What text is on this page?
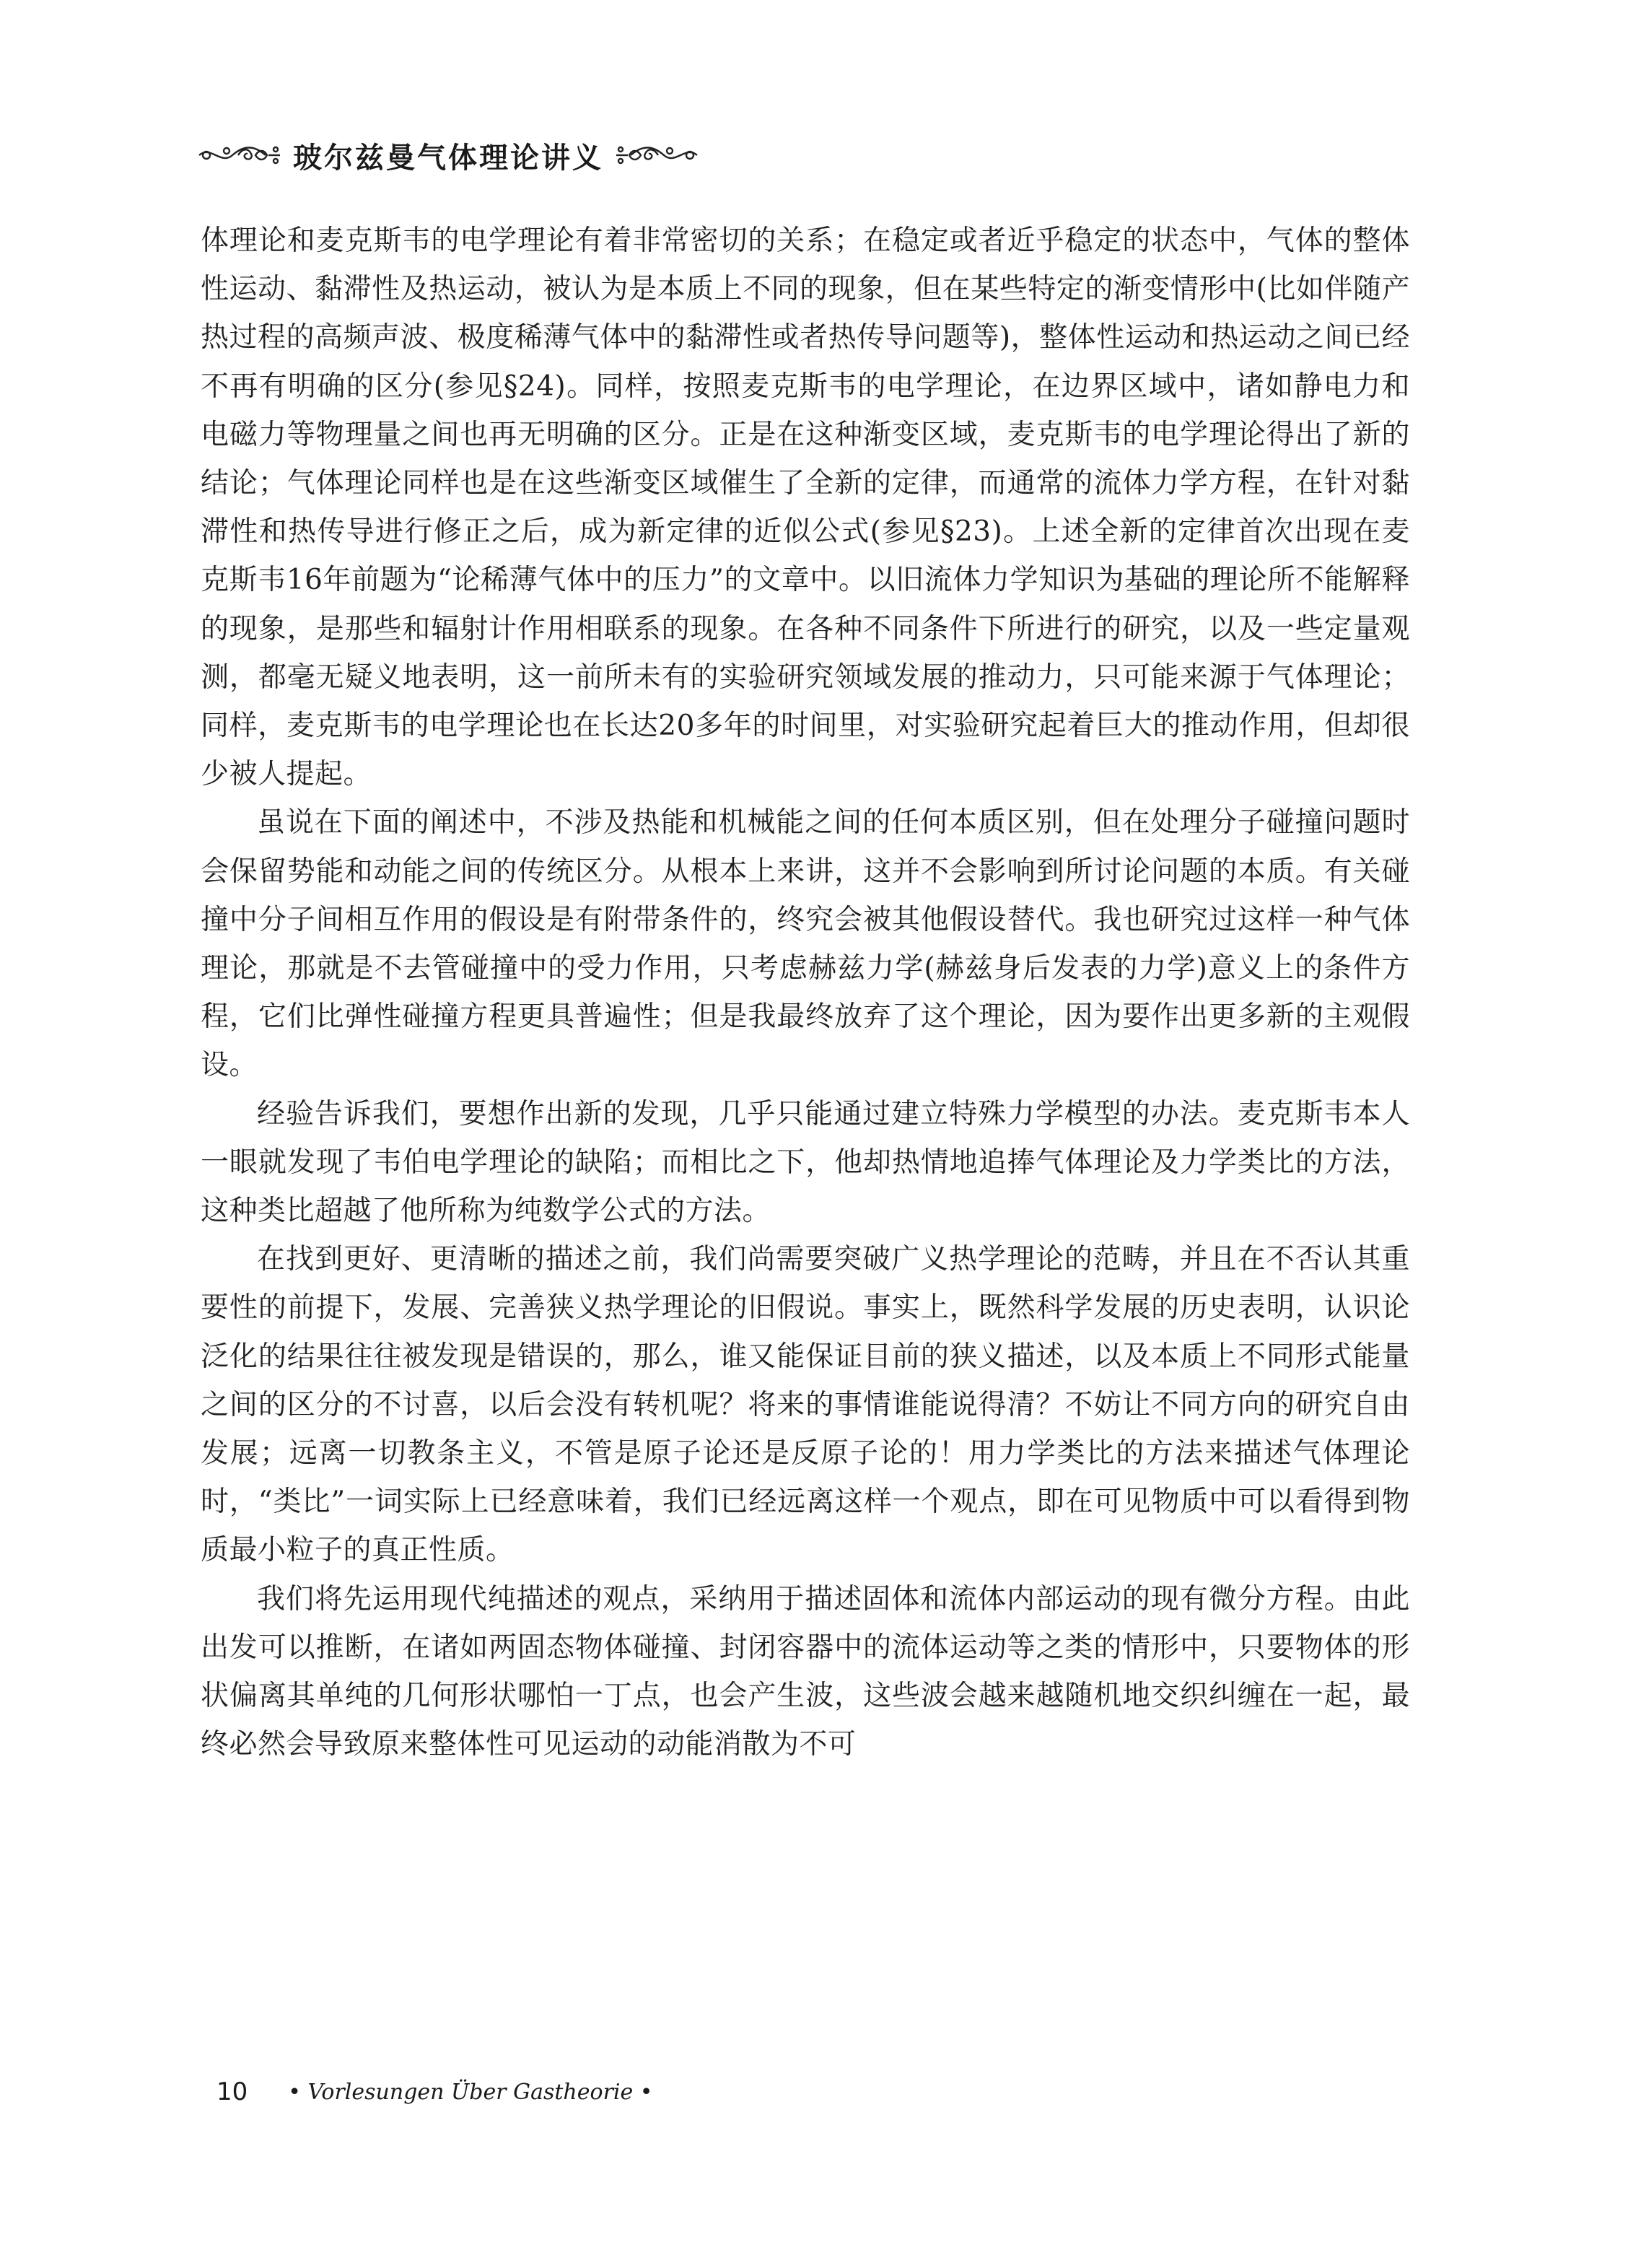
玻尔兹曼气体理论讲义

体理论和麦克斯韦的电学理论有着非常密切的关系；在稳定或者近乎稳定的状态中，气体的整体性运动、黏滞性及热运动，被认为是本质上不同的现象，但在某些特定的渐变情形中(比如伴随产热过程的高频声波、极度稀薄气体中的黏滞性或者热传导问题等)，整体性运动和热运动之间已经不再有明确的区分(参见§24)。同样，按照麦克斯韦的电学理论，在边界区域中，诸如静电力和电磁力等物理量之间也再无明确的区分。正是在这种渐变区域，麦克斯韦的电学理论得出了新的结论；气体理论同样也是在这些渐变区域催生了全新的定律，而通常的流体力学方程，在针对黏滞性和热传导进行修正之后，成为新定律的近似公式(参见§23)。上述全新的定律首次出现在麦克斯韦16年前题为“论稀薄气体中的压力”的文章中。以旧流体力学知识为基础的理论所不能解释的现象，是那些和辐射计作用相联系的现象。在各种不同条件下所进行的研究，以及一些定量观测，都毫无疑义地表明，这一前所未有的实验研究领域发展的推动力，只可能来源于气体理论；同样，麦克斯韦的电学理论也在长达20多年的时间里，对实验研究起着巨大的推动作用，但却很少被人提起。

虽说在下面的阐述中，不涉及热能和机械能之间的任何本质区别，但在处理分子碰撞问题时会保留势能和动能之间的传统区分。从根本上来讲，这并不会影响到所讨论问题的本质。有关碰撞中分子间相互作用的假设是有附带条件的，终究会被其他假设替代。我也研究过这样一种气体理论，那就是不去管碰撞中的受力作用，只考虑赫兹力学(赫兹身后发表的力学)意义上的条件方程，它们比弹性碰撞方程更具普遍性；但是我最终放弃了这个理论，因为要作出更多新的主观假设。

经验告诉我们，要想作出新的发现，几乎只能通过建立特殊力学模型的办法。麦克斯韦本人一眼就发现了韦伯电学理论的缺陷；而相比之下，他却热情地追捧气体理论及力学类比的方法，这种类比超越了他所称为纯数学公式的方法。

在找到更好、更清晰的描述之前，我们尚需要突破广义热学理论的范畴，并且在不否认其重要性的前提下，发展、完善狭义热学理论的旧假说。事实上，既然科学发展的历史表明，认识论泛化的结果往往被发现是错误的，那么，谁又能保证目前的狭义描述，以及本质上不同形式能量之间的区分的不讨喜，以后会没有转机呢？将来的事情谁能说得清？不妨让不同方向的研究自由发展；远离一切教条主义，不管是原子论还是反原子论的！用力学类比的方法来描述气体理论时，“类比”一词实际上已经意味着，我们已经远离这样一个观点，即在可见物质中可以看得到物质最小粒子的真正性质。

我们将先运用现代纯描述的观点，采纳用于描述固体和流体内部运动的现有微分方程。由此出发可以推断，在诸如两固态物体碰撞、封闭容器中的流体运动等之类的情形中，只要物体的形状偏离其单纯的几何形状哪怕一丁点，也会产生波，这些波会越来越随机地交织纠缠在一起，最终必然会导致原来整体性可见运动的动能消散为不可

10 • Vorlesungen Über Gastheorie •
